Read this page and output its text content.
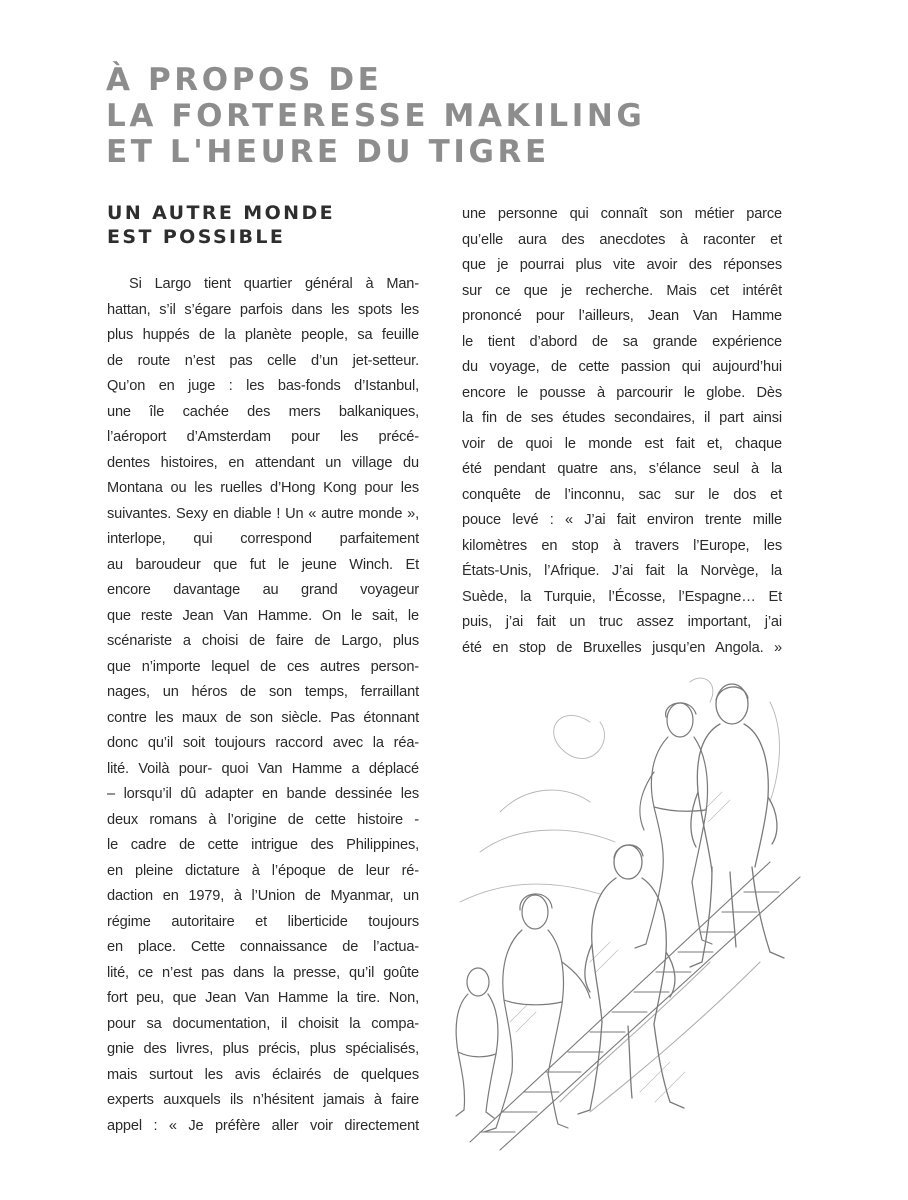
À PROPOS DE
LA FORTERESSE MAKILING
ET L'HEURE DU TIGRE
UN AUTRE MONDE
EST POSSIBLE
Si Largo tient quartier général à Man-
hattan, s’il s’égare parfois dans les spots les
plus huppés de la planète people, sa feuille
de route n’est pas celle d’un jet-setteur.
Qu’on en juge : les bas-fonds d’Istanbul,
une île cachée des mers balkaniques,
l’aéroport d’Amsterdam pour les précé-
dentes histoires, en attendant un village du
Montana ou les ruelles d’Hong Kong pour les
suivantes. Sexy en diable ! Un « autre monde »,
interlope, qui correspond parfaitement
au baroudeur que fut le jeune Winch. Et
encore davantage au grand voyageur
que reste Jean Van Hamme. On le sait, le
scénariste a choisi de faire de Largo, plus
que n’importe lequel de ces autres person-
nages, un héros de son temps, ferraillant
contre les maux de son siècle. Pas étonnant
donc qu’il soit toujours raccord avec la réa-
lité. Voilà pour- quoi Van Hamme a déplacé
– lorsqu’il dû adapter en bande dessinée les
deux romans à l’origine de cette histoire -
le cadre de cette intrigue des Philippines,
en pleine dictature à l’époque de leur ré-
daction en 1979, à l’Union de Myanmar, un
régime autoritaire et liberticide toujours
en place. Cette connaissance de l’actua-
lité, ce n’est pas dans la presse, qu’il goûte
fort peu, que Jean Van Hamme la tire. Non,
pour sa documentation, il choisit la compa-
gnie des livres, plus précis, plus spécialisés,
mais surtout les avis éclairés de quelques
experts auxquels ils n’hésitent jamais à faire
appel : « Je préfère aller voir directement
une personne qui connaît son métier parce
qu’elle aura des anecdotes à raconter et
que je pourrai plus vite avoir des réponses
sur ce que je recherche. Mais cet intérêt
prononcé pour l’ailleurs, Jean Van Hamme
le tient d’abord de sa grande expérience
du voyage, de cette passion qui aujourd’hui
encore le pousse à parcourir le globe. Dès
la fin de ses études secondaires, il part ainsi
voir de quoi le monde est fait et, chaque
été pendant quatre ans, s’élance seul à la
conquête de l’inconnu, sac sur le dos et
pouce levé : « J’ai fait environ trente mille
kilomètres en stop à travers l’Europe, les
États-Unis, l’Afrique. J’ai fait la Norvège, la
Suède, la Turquie, l’Écosse, l’Espagne… Et
puis, j’ai fait un truc assez important, j’ai
été en stop de Bruxelles jusqu’en Angola. »
